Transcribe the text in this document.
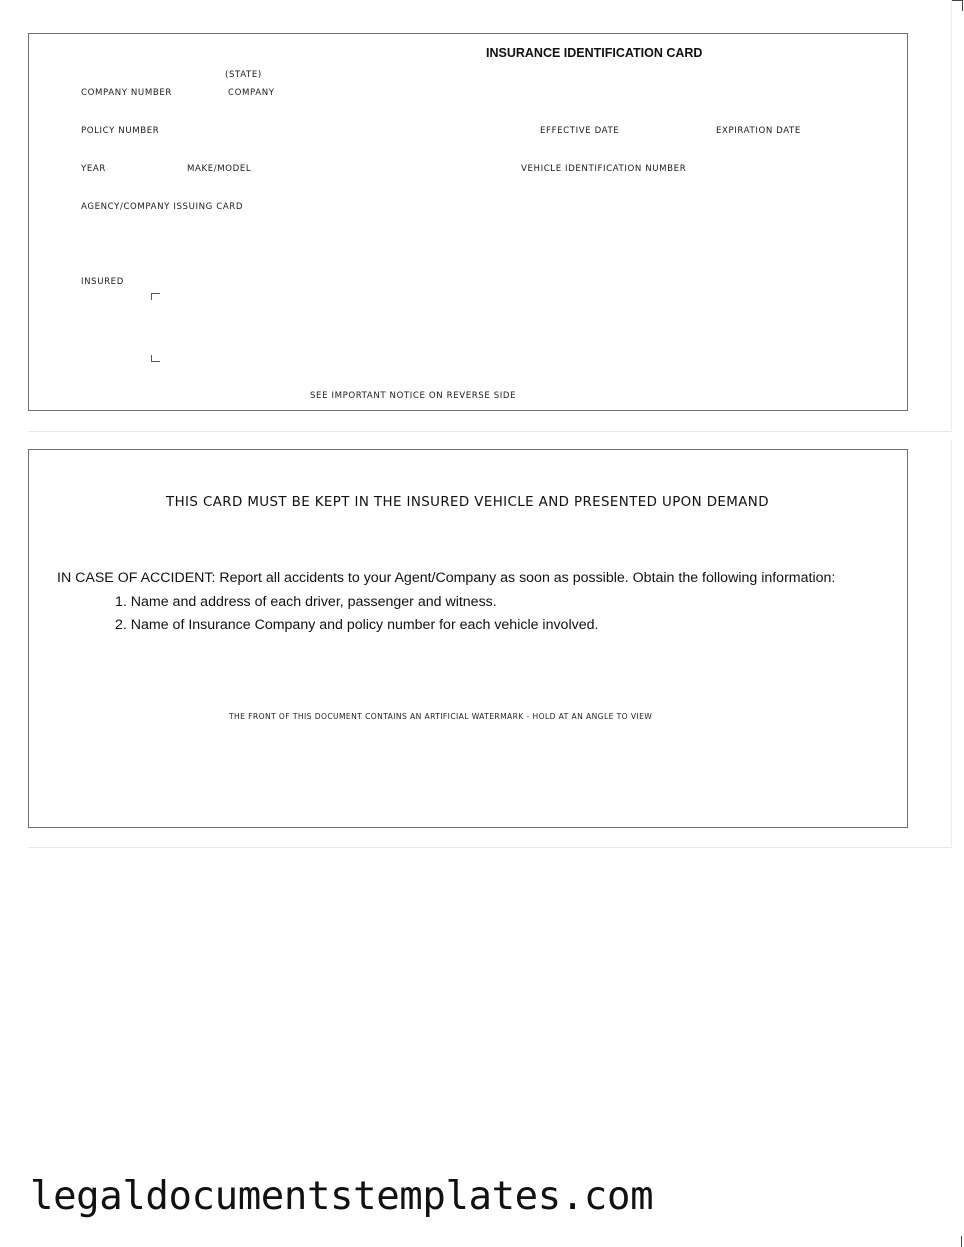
INSURANCE IDENTIFICATION CARD
(STATE)
COMPANY NUMBER	COMPANY
POLICY NUMBER	EFFECTIVE DATE	EXPIRATION DATE
YEAR	MAKE/MODEL	VEHICLE IDENTIFICATION NUMBER
AGENCY/COMPANY ISSUING CARD
INSURED
SEE IMPORTANT NOTICE ON REVERSE SIDE
THIS CARD MUST BE KEPT IN THE INSURED VEHICLE AND PRESENTED UPON DEMAND
IN CASE OF ACCIDENT: Report all accidents to your Agent/Company as soon as possible. Obtain the following information:
1. Name and address of each driver, passenger and witness.
2. Name of Insurance Company and policy number for each vehicle involved.
THE FRONT OF THIS DOCUMENT CONTAINS AN ARTIFICIAL WATERMARK - HOLD AT AN ANGLE TO VIEW
legaldocumentstemplates.com
